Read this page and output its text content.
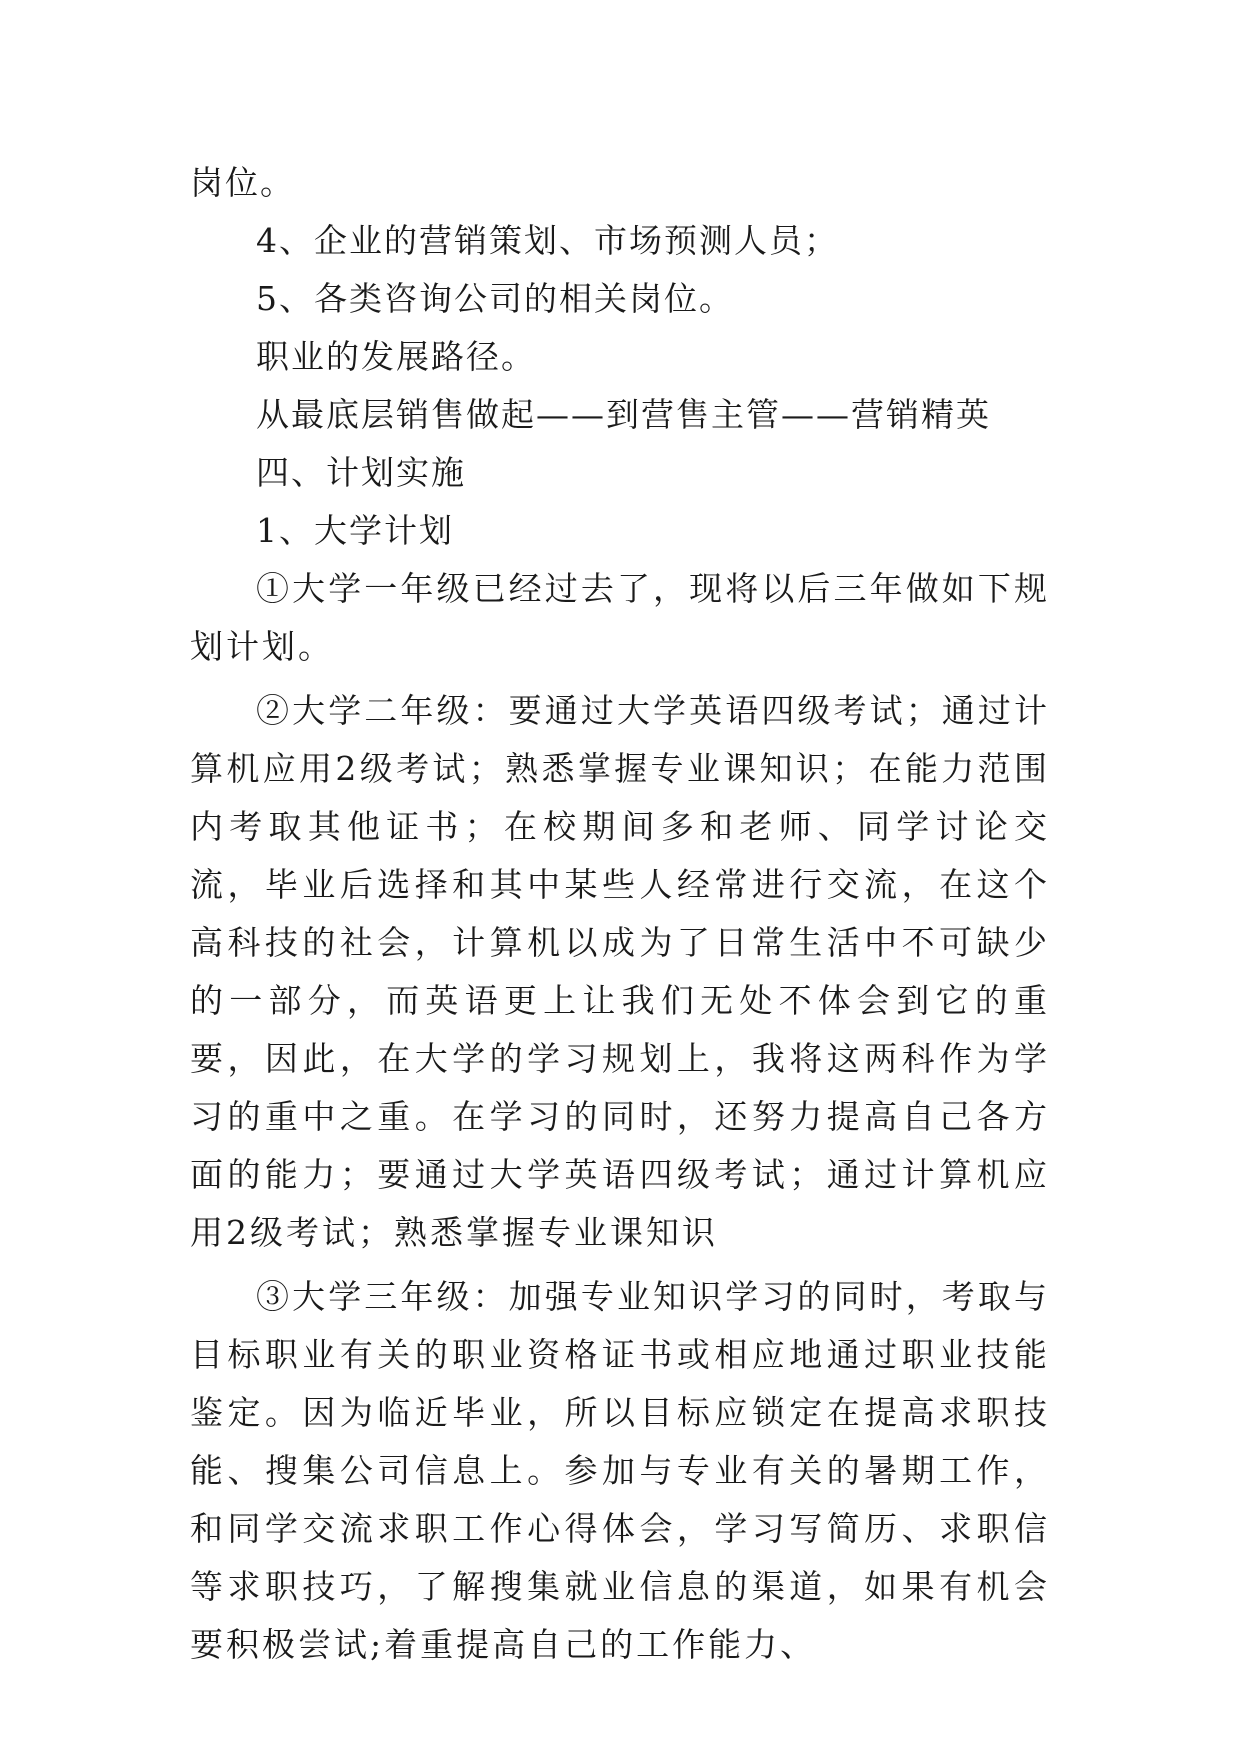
岗位。
4、企业的营销策划、市场预测人员；
5、各类咨询公司的相关岗位。
职业的发展路径。
从最底层销售做起——到营售主管——营销精英
四、计划实施
1、大学计划

①大学一年级已经过去了，现将以后三年做如下规划计划。

②大学二年级：要通过大学英语四级考试；通过计算机应用2级考试；熟悉掌握专业课知识；在能力范围内考取其他证书；在校期间多和老师、同学讨论交流，毕业后选择和其中某些人经常进行交流，在这个高科技的社会，计算机以成为了日常生活中不可缺少的一部分，而英语更上让我们无处不体会到它的重要，因此，在大学的学习规划上，我将这两科作为学习的重中之重。在学习的同时，还努力提高自己各方面的能力；要通过大学英语四级考试；通过计算机应用2级考试；熟悉掌握专业课知识

③大学三年级：加强专业知识学习的同时，考取与目标职业有关的职业资格证书或相应地通过职业技能鉴定。因为临近毕业，所以目标应锁定在提高求职技能、搜集公司信息上。参加与专业有关的暑期工作，和同学交流求职工作心得体会，学习写简历、求职信等求职技巧，了解搜集就业信息的渠道，如果有机会要积极尝试;着重提高自己的工作能力、
